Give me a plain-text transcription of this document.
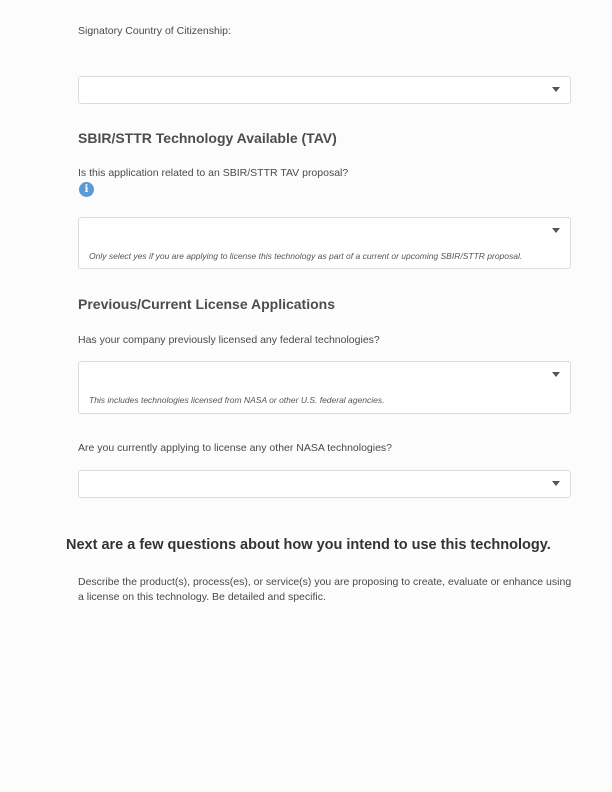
Signatory Country of Citizenship:
SBIR/STTR Technology Available (TAV)
Is this application related to an SBIR/STTR TAV proposal?
i
Only select yes if you are applying to license this technology as part of a current or upcoming SBIR/STTR proposal.
Previous/Current License Applications
Has your company previously licensed any federal technologies?
This includes technologies licensed from NASA or other U.S. federal agencies.
Are you currently applying to license any other NASA technologies?
Next are a few questions about how you intend to use this technology.
Describe the product(s), process(es), or service(s) you are proposing to create, evaluate or enhance using a license on this technology. Be detailed and specific.
